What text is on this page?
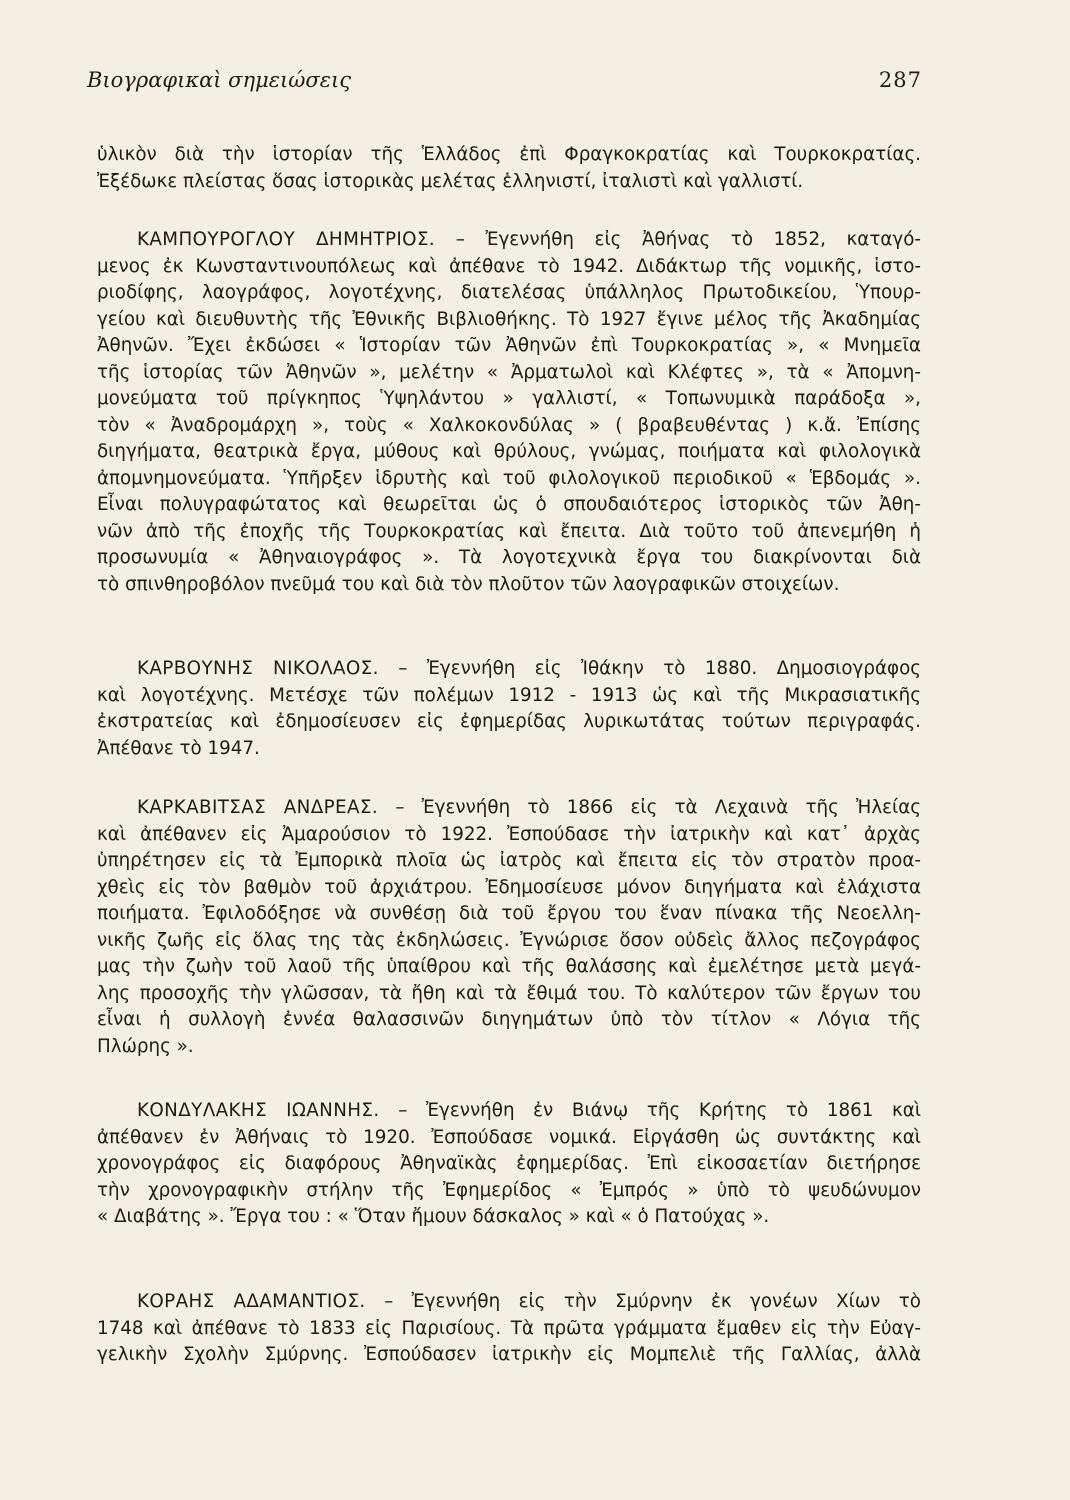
Βιογραφικαὶ σημειώσεις	287
ὑλικὸν διὰ τὴν ἱστορίαν τῆς Ἑλλάδος ἐπὶ Φραγκοκρατίας καὶ Τουρκοκρατίας.
Ἐξέδωκε πλείστας ὅσας ἱστορικὰς μελέτας ἑλληνιστί, ἰταλιστὶ καὶ γαλλιστί.
ΚΑΜΠΟΥΡΟΓΛΟΥ ΔΗΜΗΤΡΙΟΣ. – Ἐγεννήθη εἰς Ἀθήνας τὸ 1852, καταγό-
μενος ἐκ Κωνσταντινουπόλεως καὶ ἀπέθανε τὸ 1942. Διδάκτωρ τῆς νομικῆς, ἱστο-
ριοδίφης, λαογράφος, λογοτέχνης, διατελέσας ὑπάλληλος Πρωτοδικείου, Ὑπουρ-
γείου καὶ διευθυντὴς τῆς Ἐθνικῆς Βιβλιοθήκης. Τὸ 1927 ἔγινε μέλος τῆς Ἀκαδημίας
Ἀθηνῶν. Ἔχει ἐκδώσει « Ἱστορίαν τῶν Ἀθηνῶν ἐπὶ Τουρκοκρατίας », « Μνημεῖα
τῆς ἱστορίας τῶν Ἀθηνῶν », μελέτην « Ἀρματωλοὶ καὶ Κλέφτες », τὰ « Ἀπομνη-
μονεύματα τοῦ πρίγκηπος Ὑψηλάντου » γαλλιστί, « Τοπωνυμικὰ παράδοξα »,
τὸν « Ἀναδρομάρχη », τοὺς « Χαλκοκονδύλας » ( βραβευθέντας ) κ.ἄ. Ἐπίσης
διηγήματα, θεατρικὰ ἔργα, μύθους καὶ θρύλους, γνώμας, ποιήματα καὶ φιλολογικὰ
ἀπομνημονεύματα. Ὑπῆρξεν ἱδρυτὴς καὶ τοῦ φιλολογικοῦ περιοδικοῦ « Ἑβδομάς ».
Εἶναι πολυγραφώτατος καὶ θεωρεῖται ὡς ὁ σπουδαιότερος ἱστορικὸς τῶν Ἀθη-
νῶν ἀπὸ τῆς ἐποχῆς τῆς Τουρκοκρατίας καὶ ἔπειτα. Διὰ τοῦτο τοῦ ἀπενεμήθη ἡ
προσωνυμία « Ἀθηναιογράφος ». Τὰ λογοτεχνικὰ ἔργα του διακρίνονται διὰ
τὸ σπινθηροβόλον πνεῦμά του καὶ διὰ τὸν πλοῦτον τῶν λαογραφικῶν στοιχείων.
ΚΑΡΒΟΥΝΗΣ ΝΙΚΟΛΑΟΣ. – Ἐγεννήθη εἰς Ἰθάκην τὸ 1880. Δημοσιογράφος
καὶ λογοτέχνης. Μετέσχε τῶν πολέμων 1912 - 1913 ὡς καὶ τῆς Μικρασιατικῆς
ἐκστρατείας καὶ ἐδημοσίευσεν εἰς ἐφημερίδας λυρικωτάτας τούτων περιγραφάς.
Ἀπέθανε τὸ 1947.
ΚΑΡΚΑΒΙΤΣΑΣ ΑΝΔΡΕΑΣ. – Ἐγεννήθη τὸ 1866 εἰς τὰ Λεχαινὰ τῆς Ἠλείας
καὶ ἀπέθανεν εἰς Ἀμαρούσιον τὸ 1922. Ἐσπούδασε τὴν ἰατρικὴν καὶ κατ᾽ ἀρχὰς
ὑπηρέτησεν εἰς τὰ Ἐμπορικὰ πλοῖα ὡς ἰατρὸς καὶ ἔπειτα εἰς τὸν στρατὸν προα-
χθεὶς εἰς τὸν βαθμὸν τοῦ ἀρχιάτρου. Ἐδημοσίευσε μόνον διηγήματα καὶ ἐλάχιστα
ποιήματα. Ἐφιλοδόξησε νὰ συνθέσῃ διὰ τοῦ ἔργου του ἕναν πίνακα τῆς Νεοελλη-
νικῆς ζωῆς εἰς ὅλας της τὰς ἐκδηλώσεις. Ἐγνώρισε ὅσον οὐδεὶς ἄλλος πεζογράφος
μας τὴν ζωὴν τοῦ λαοῦ τῆς ὑπαίθρου καὶ τῆς θαλάσσης καὶ ἐμελέτησε μετὰ μεγά-
λης προσοχῆς τὴν γλῶσσαν, τὰ ἤθη καὶ τὰ ἔθιμά του. Τὸ καλύτερον τῶν ἔργων του
εἶναι ἡ συλλογὴ ἐννέα θαλασσινῶν διηγημάτων ὑπὸ τὸν τίτλον « Λόγια τῆς
Πλώρης ».
ΚΟΝΔΥΛΑΚΗΣ ΙΩΑΝΝΗΣ. – Ἐγεννήθη ἐν Βιάνῳ τῆς Κρήτης τὸ 1861 καὶ
ἀπέθανεν ἐν Ἀθήναις τὸ 1920. Ἐσπούδασε νομικά. Εἰργάσθη ὡς συντάκτης καὶ
χρονογράφος εἰς διαφόρους Ἀθηναϊκὰς ἐφημερίδας. Ἐπὶ εἰκοσαετίαν διετήρησε
τὴν χρονογραφικὴν στήλην τῆς Ἐφημερίδος « Ἐμπρός » ὑπὸ τὸ ψευδώνυμον
« Διαβάτης ». Ἔργα του : « Ὅταν ἤμουν δάσκαλος » καὶ « ὁ Πατούχας ».
ΚΟΡΑΗΣ ΑΔΑΜΑΝΤΙΟΣ. – Ἐγεννήθη εἰς τὴν Σμύρνην ἐκ γονέων Χίων τὸ
1748 καὶ ἀπέθανε τὸ 1833 εἰς Παρισίους. Τὰ πρῶτα γράμματα ἔμαθεν εἰς τὴν Εὐαγ-
γελικὴν Σχολὴν Σμύρνης. Ἐσπούδασεν ἰατρικὴν εἰς Μομπελιὲ τῆς Γαλλίας, ἀλλὰ
